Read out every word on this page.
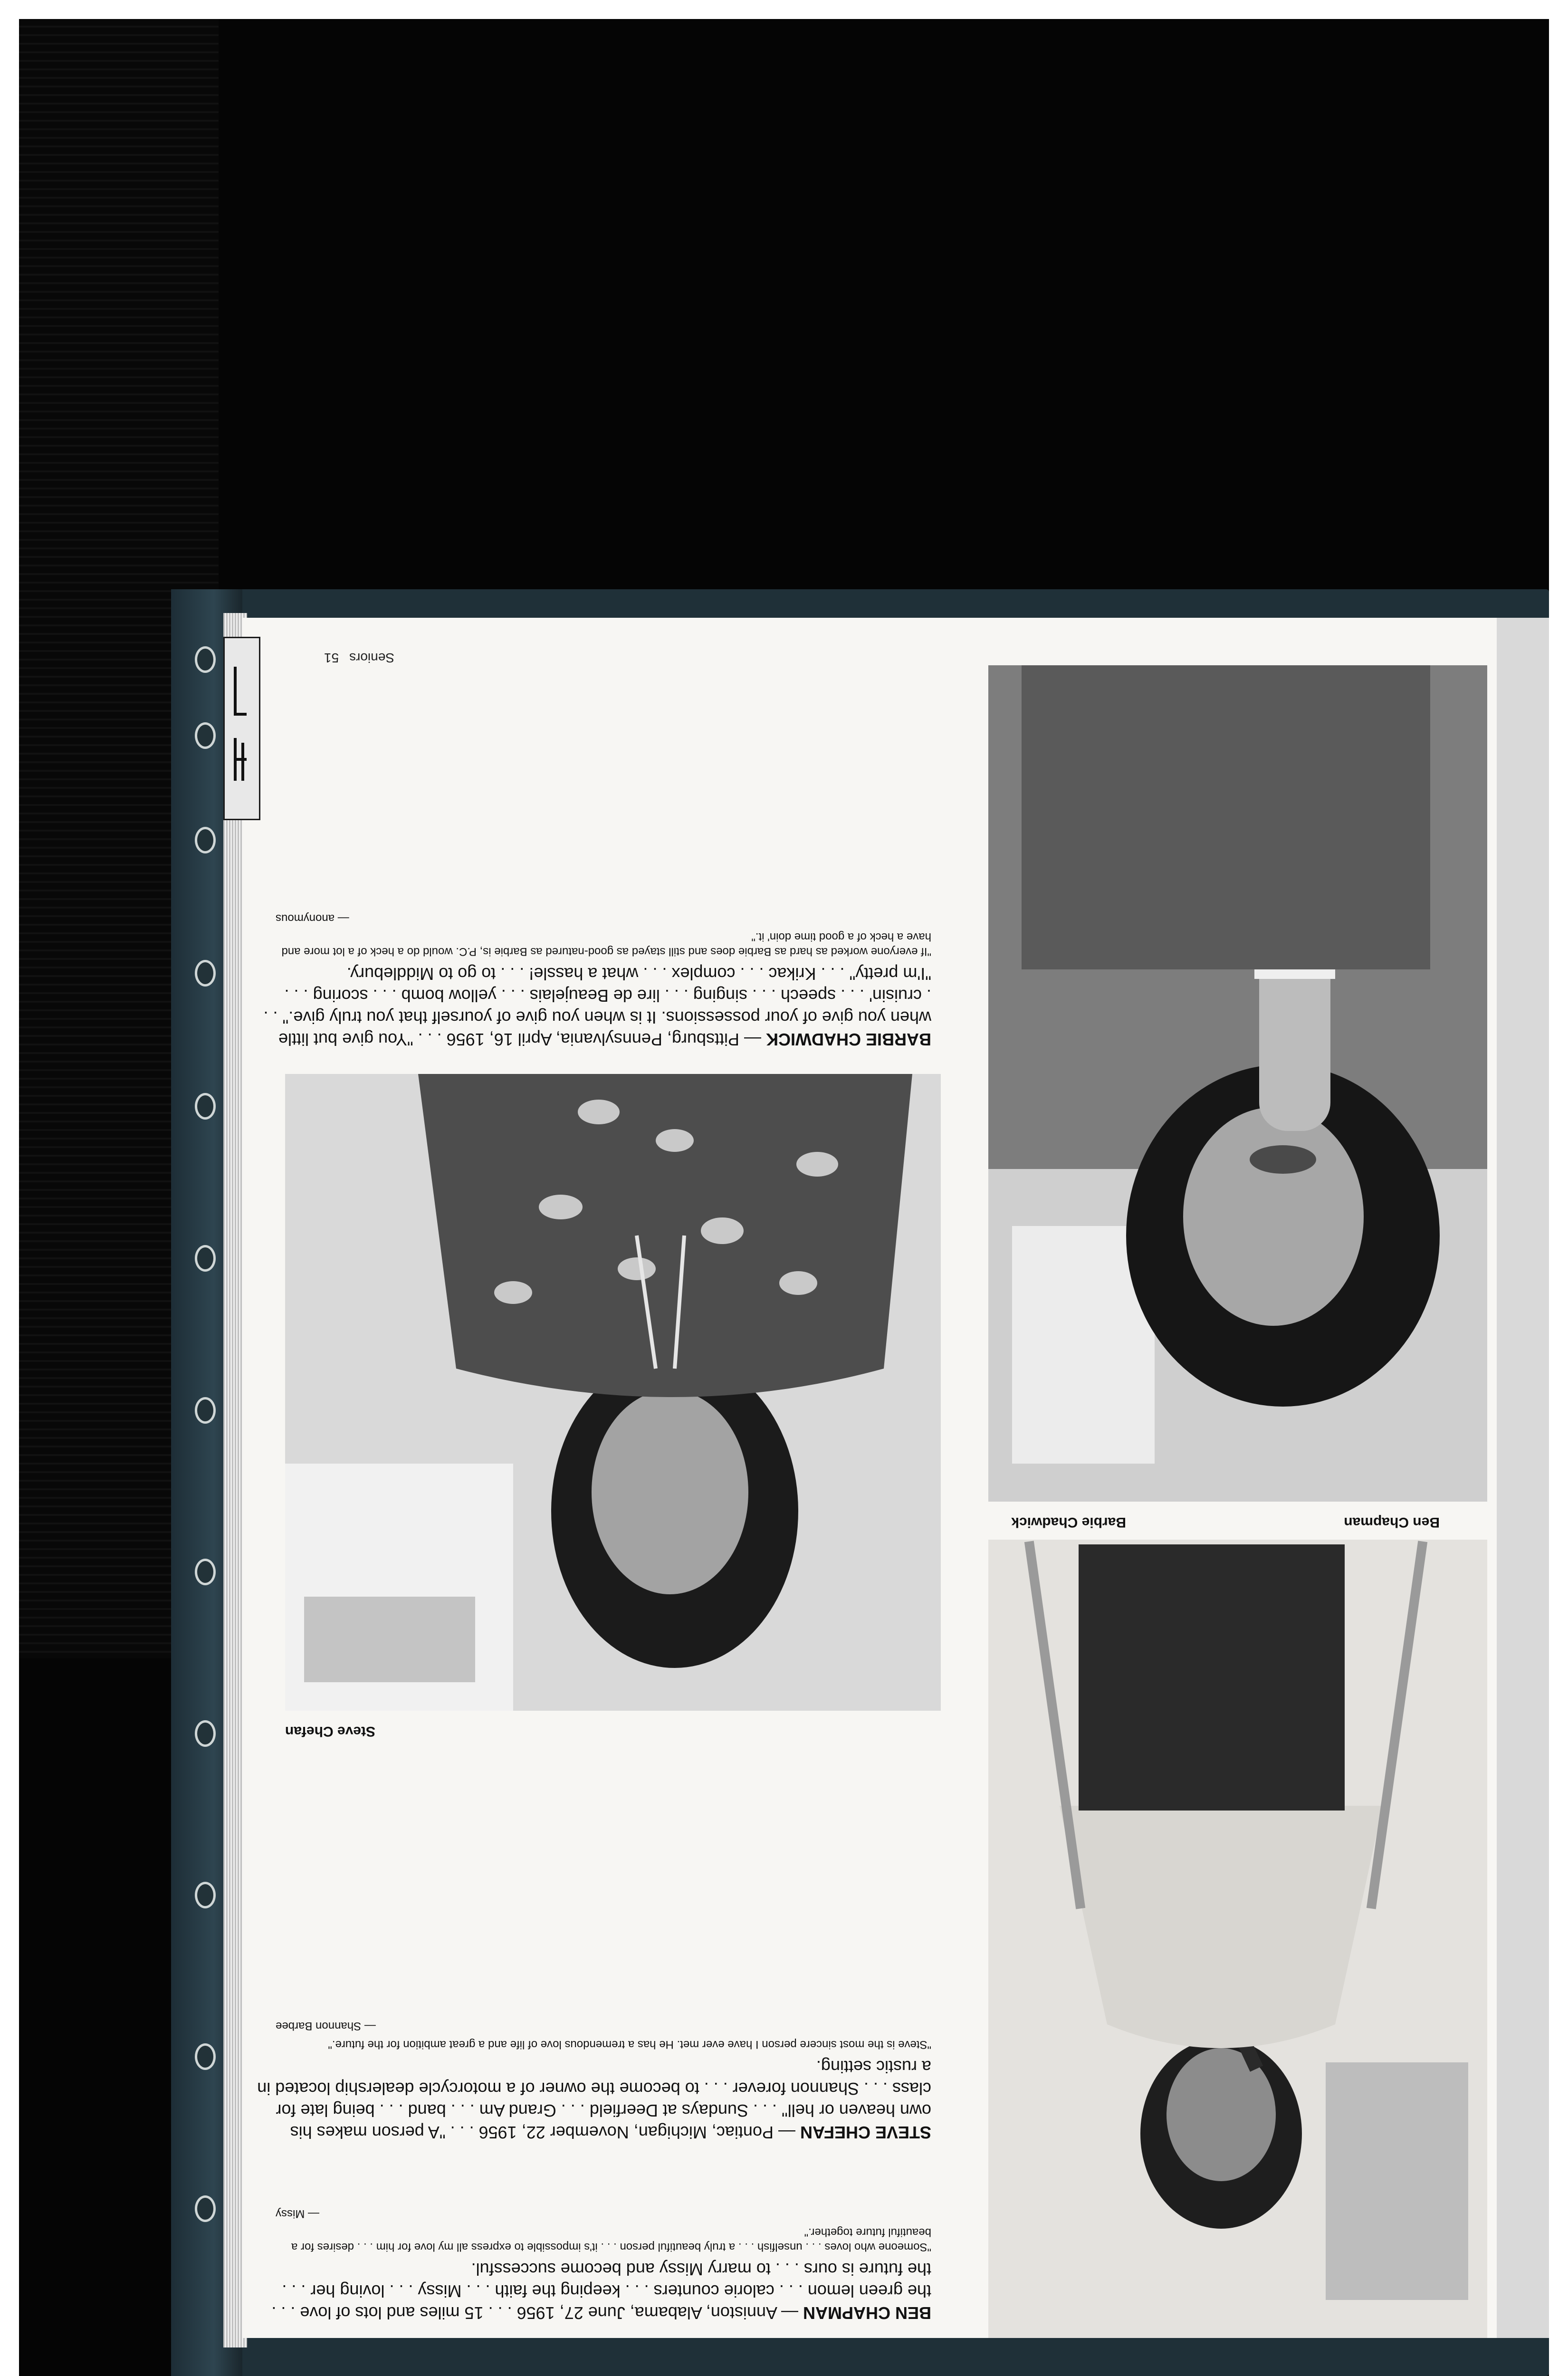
Ben Chapman
Barbie Chadwick

BEN CHAPMAN — Anniston, Alabama, June 27, 1956 . . . 15 miles and lots of love . . . the green lemon . . . calorie counters . . . keeping the faith . . . Missy . . . loving her . . . the future is ours . . . to marry Missy and become successful.

"Someone who loves . . . unselfish . . . a truly beautiful person . . . it's impossible to express all my love for him . . . desires for a beautiful future together."

— Missy

STEVE CHEFAN — Pontiac, Michigan, November 22, 1956 . . . "A person makes his own heaven or hell" . . . Sundays at Deerfield . . . Grand Am . . . band . . . being late for class . . . Shannon forever . . . to become the owner of a motorcycle dealership located in a rustic setting.

"Steve is the most sincere person I have ever met. He has a tremendous love of life and a great ambition for the future."

— Shannon Barbee

Steve Chefan

BARBIE CHADWICK — Pittsburg, Pennsylvania, April 16, 1956 . . . "You give but little when you give of your possessions. It is when you give of yourself that you truly give." . . . cruisin' . . . speech . . . singing . . . lire de Beaujelais . . . yellow bomb . . . scoring . . . "I'm pretty" . . . Krikac . . . complex . . . what a hassle! . . . to go to Middlebury.

"If everyone worked as hard as Barbie does and still stayed as good-natured as Barbie is, P.C. would do a heck of a lot more and have a heck of a good time doin' it."

— anonymous

Seniors51
